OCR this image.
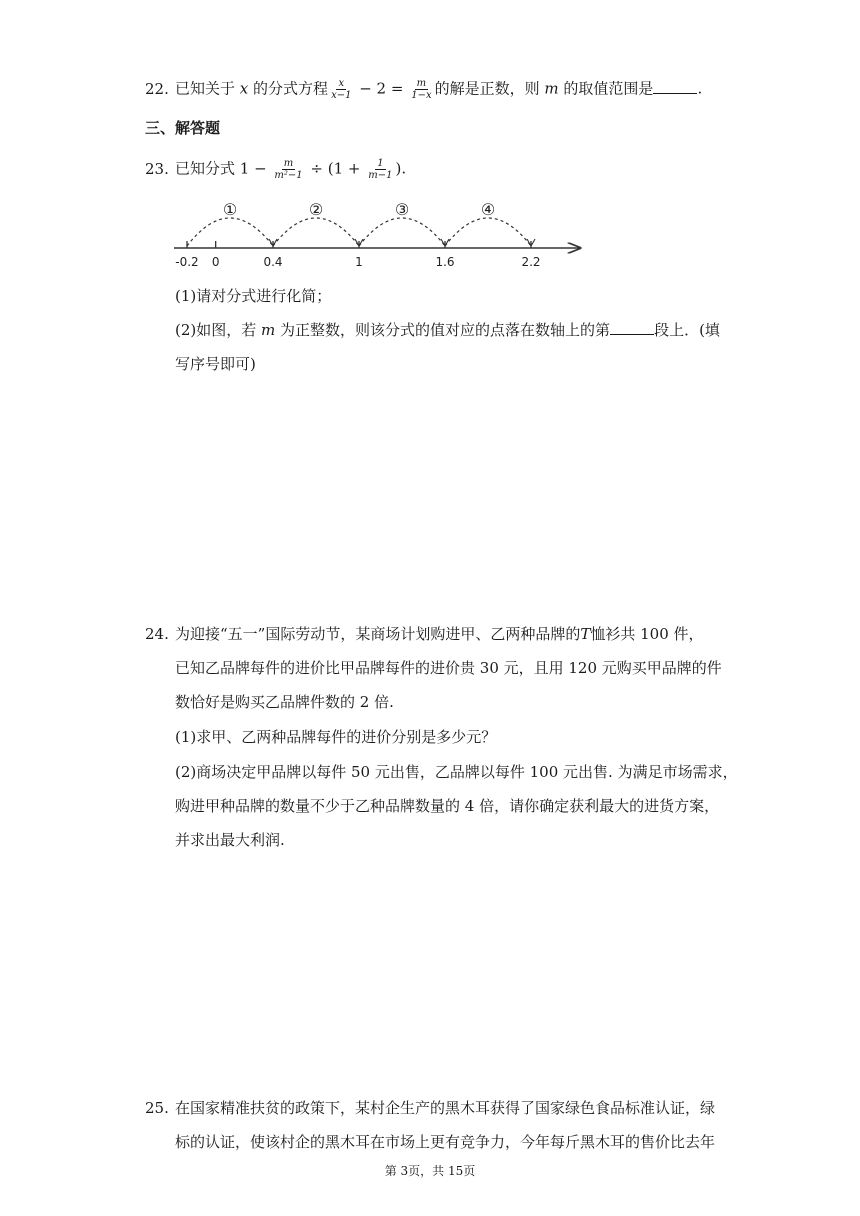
22. 已知关于 x 的分式方程 $\frac{x}{x-1} - 2 = \frac{m}{1-x}$ 的解是正数，则 m 的取值范围是	.
三、解答题
23. 已知分式 $1 - \frac{m}{\text{m²−1}} \div (1 + \frac{1}{m-1}$ ).
-0.2 0	0.4	1	1.6	2.2
①	②	③	④
(1)请对分式进行化简；
(2)如图，若 m 为正整数，则该分式的值对应的点落在数轴上的第	段上．(填
写序号即可)
24. 为迎接“五一”国际劳动节，某商场计划购进甲、乙两种品牌的T恤衫共 100 件，
已知乙品牌每件的进价比甲品牌每件的进价贵 30 元，且用 120 元购买甲品牌的件
数恰好是购买乙品牌件数的 2 倍.
(1)求甲、乙两种品牌每件的进价分别是多少元？
(2)商场决定甲品牌以每件 50 元出售，乙品牌以每件 100 元出售. 为满足市场需求，
购进甲种品牌的数量不少于乙种品牌数量的 4 倍，请你确定获利最大的进货方案，
并求出最大利润.
25. 在国家精准扶贫的政策下，某村企生产的黑木耳获得了国家绿色食品标准认证，绿
标的认证，使该村企的黑木耳在市场上更有竞争力，今年每斤黑木耳的售价比去年
第 3页，共 15页
